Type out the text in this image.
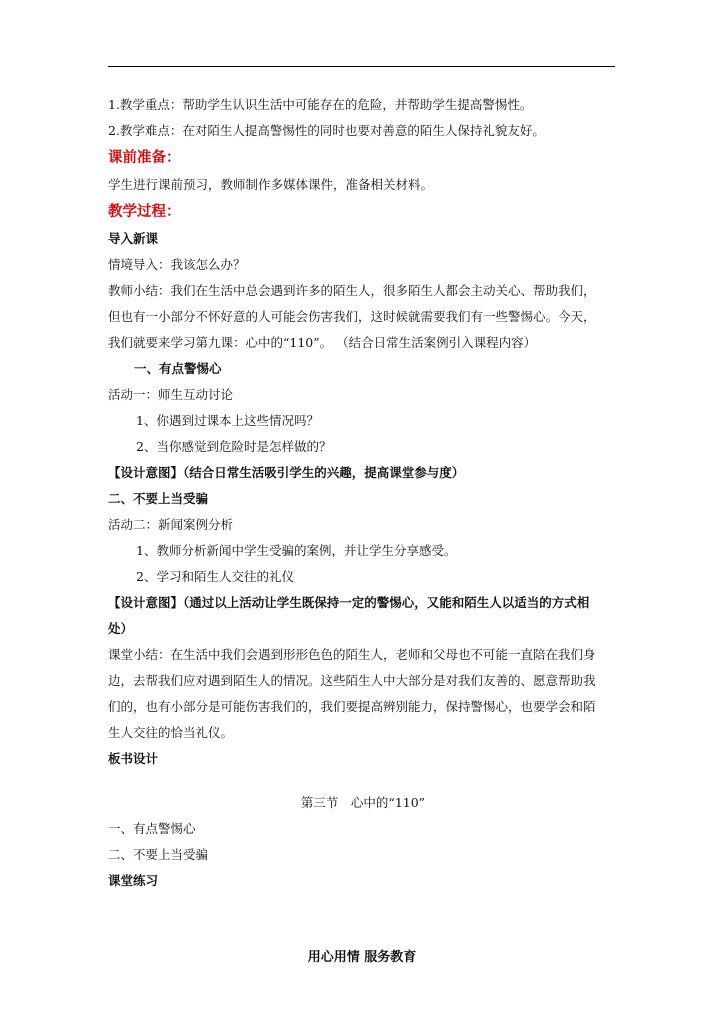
1.教学重点：帮助学生认识生活中可能存在的危险，并帮助学生提高警惕性。
2.教学难点：在对陌生人提高警惕性的同时也要对善意的陌生人保持礼貌友好。
课前准备：
学生进行课前预习，教师制作多媒体课件，准备相关材料。
教学过程：
导入新课
情境导入：我该怎么办？
教师小结：我们在生活中总会遇到许多的陌生人，很多陌生人都会主动关心、帮助我们，
但也有一小部分不怀好意的人可能会伤害我们，这时候就需要我们有一些警惕心。今天，
我们就要来学习第九课：心中的“110”。 （结合日常生活案例引入课程内容）
一、有点警惕心
活动一：师生互动讨论
1、你遇到过课本上这些情况吗？
2、当你感觉到危险时是怎样做的？
【设计意图】（结合日常生活吸引学生的兴趣，提高课堂参与度）
二、不要上当受骗
活动二：新闻案例分析
1、教师分析新闻中学生受骗的案例，并让学生分享感受。
2、学习和陌生人交往的礼仪
【设计意图】（通过以上活动让学生既保持一定的警惕心，又能和陌生人以适当的方式相
处）
课堂小结：在生活中我们会遇到形形色色的陌生人，老师和父母也不可能一直陪在我们身
边，去帮我们应对遇到陌生人的情况。这些陌生人中大部分是对我们友善的、愿意帮助我
们的，也有小部分是可能伤害我们的，我们要提高辨别能力，保持警惕心，也要学会和陌
生人交往的恰当礼仪。
板书设计
第三节　心中的“110”
一、有点警惕心
二、不要上当受骗
课堂练习
用心用情 服务教育
